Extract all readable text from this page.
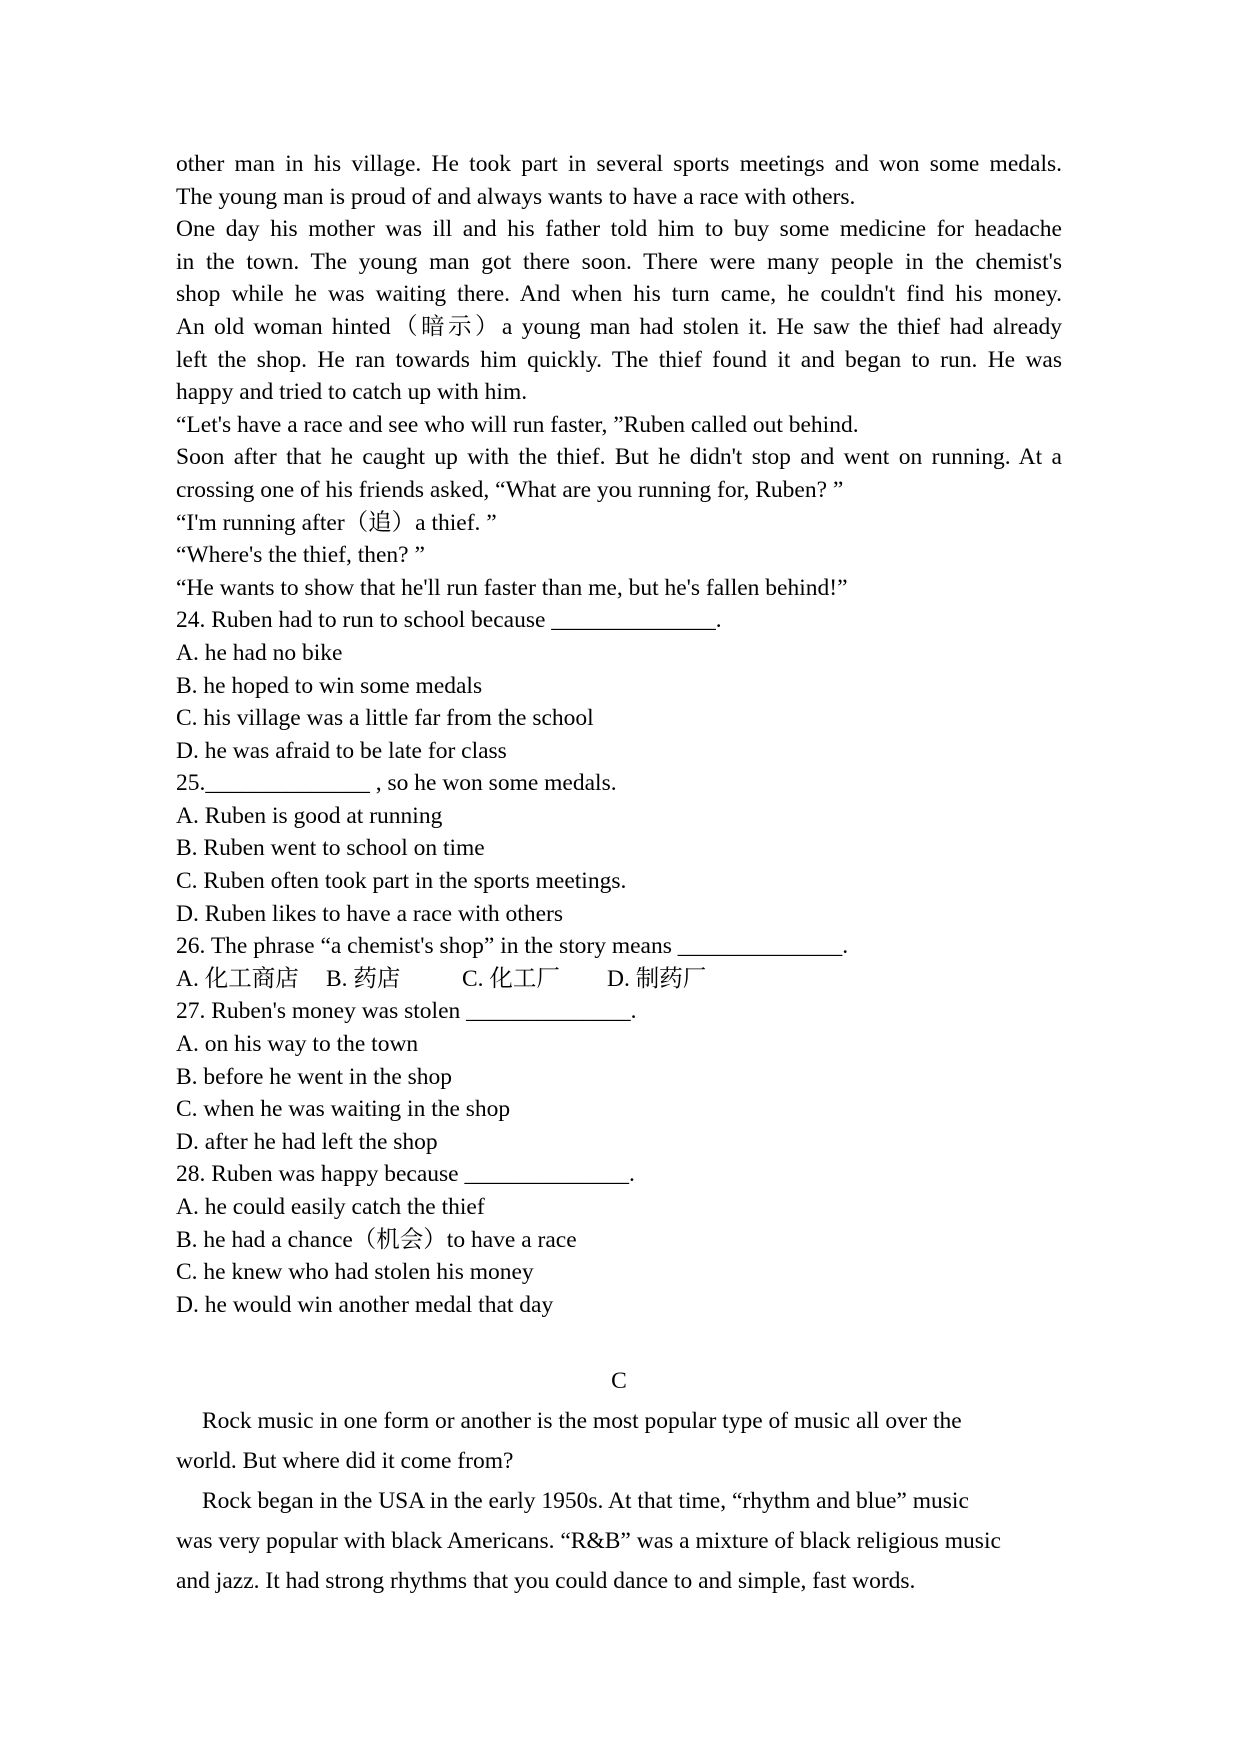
other man in his village. He took part in several sports meetings and won some medals.
The young man is proud of and always wants to have a race with others.
One day his mother was ill and his father told him to buy some medicine for headache
in the town. The young man got there soon. There were many people in the chemist's
shop while he was waiting there. And when his turn came, he couldn't find his money.
An old woman hinted（暗示）a young man had stolen it. He saw the thief had already
left the shop. He ran towards him quickly. The thief found it and began to run. He was
happy and tried to catch up with him.
“Let's have a race and see who will run faster, ”Ruben called out behind.
Soon after that he caught up with the thief. But he didn't stop and went on running. At a
crossing one of his friends asked, “What are you running for, Ruben? ”
“I'm running after（追）a thief. ”
“Where's the thief, then? ”
“He wants to show that he'll run faster than me, but he's fallen behind!”
24. Ruben had to run to school because ______________.
A. he had no bike
B. he hoped to win some medals
C. his village was a little far from the school
D. he was afraid to be late for class
25.______________ , so he won some medals.
A. Ruben is good at running
B. Ruben went to school on time
C. Ruben often took part in the sports meetings.
D. Ruben likes to have a race with others
26. The phrase “a chemist's shop” in the story means ______________.
A. 化工商店	B. 药店	C. 化工厂	D. 制药厂
27. Ruben's money was stolen ______________.
A. on his way to the town
B. before he went in the shop
C. when he was waiting in the shop
D. after he had left the shop
28. Ruben was happy because ______________.
A. he could easily catch the thief
B. he had a chance（机会）to have a race
C. he knew who had stolen his money
D. he would win another medal that day
C
Rock music in one form or another is the most popular type of music all over the
world. But where did it come from?
Rock began in the USA in the early 1950s. At that time, “rhythm and blue” music
was very popular with black Americans. “R&B” was a mixture of black religious music
and jazz. It had strong rhythms that you could dance to and simple, fast words.
